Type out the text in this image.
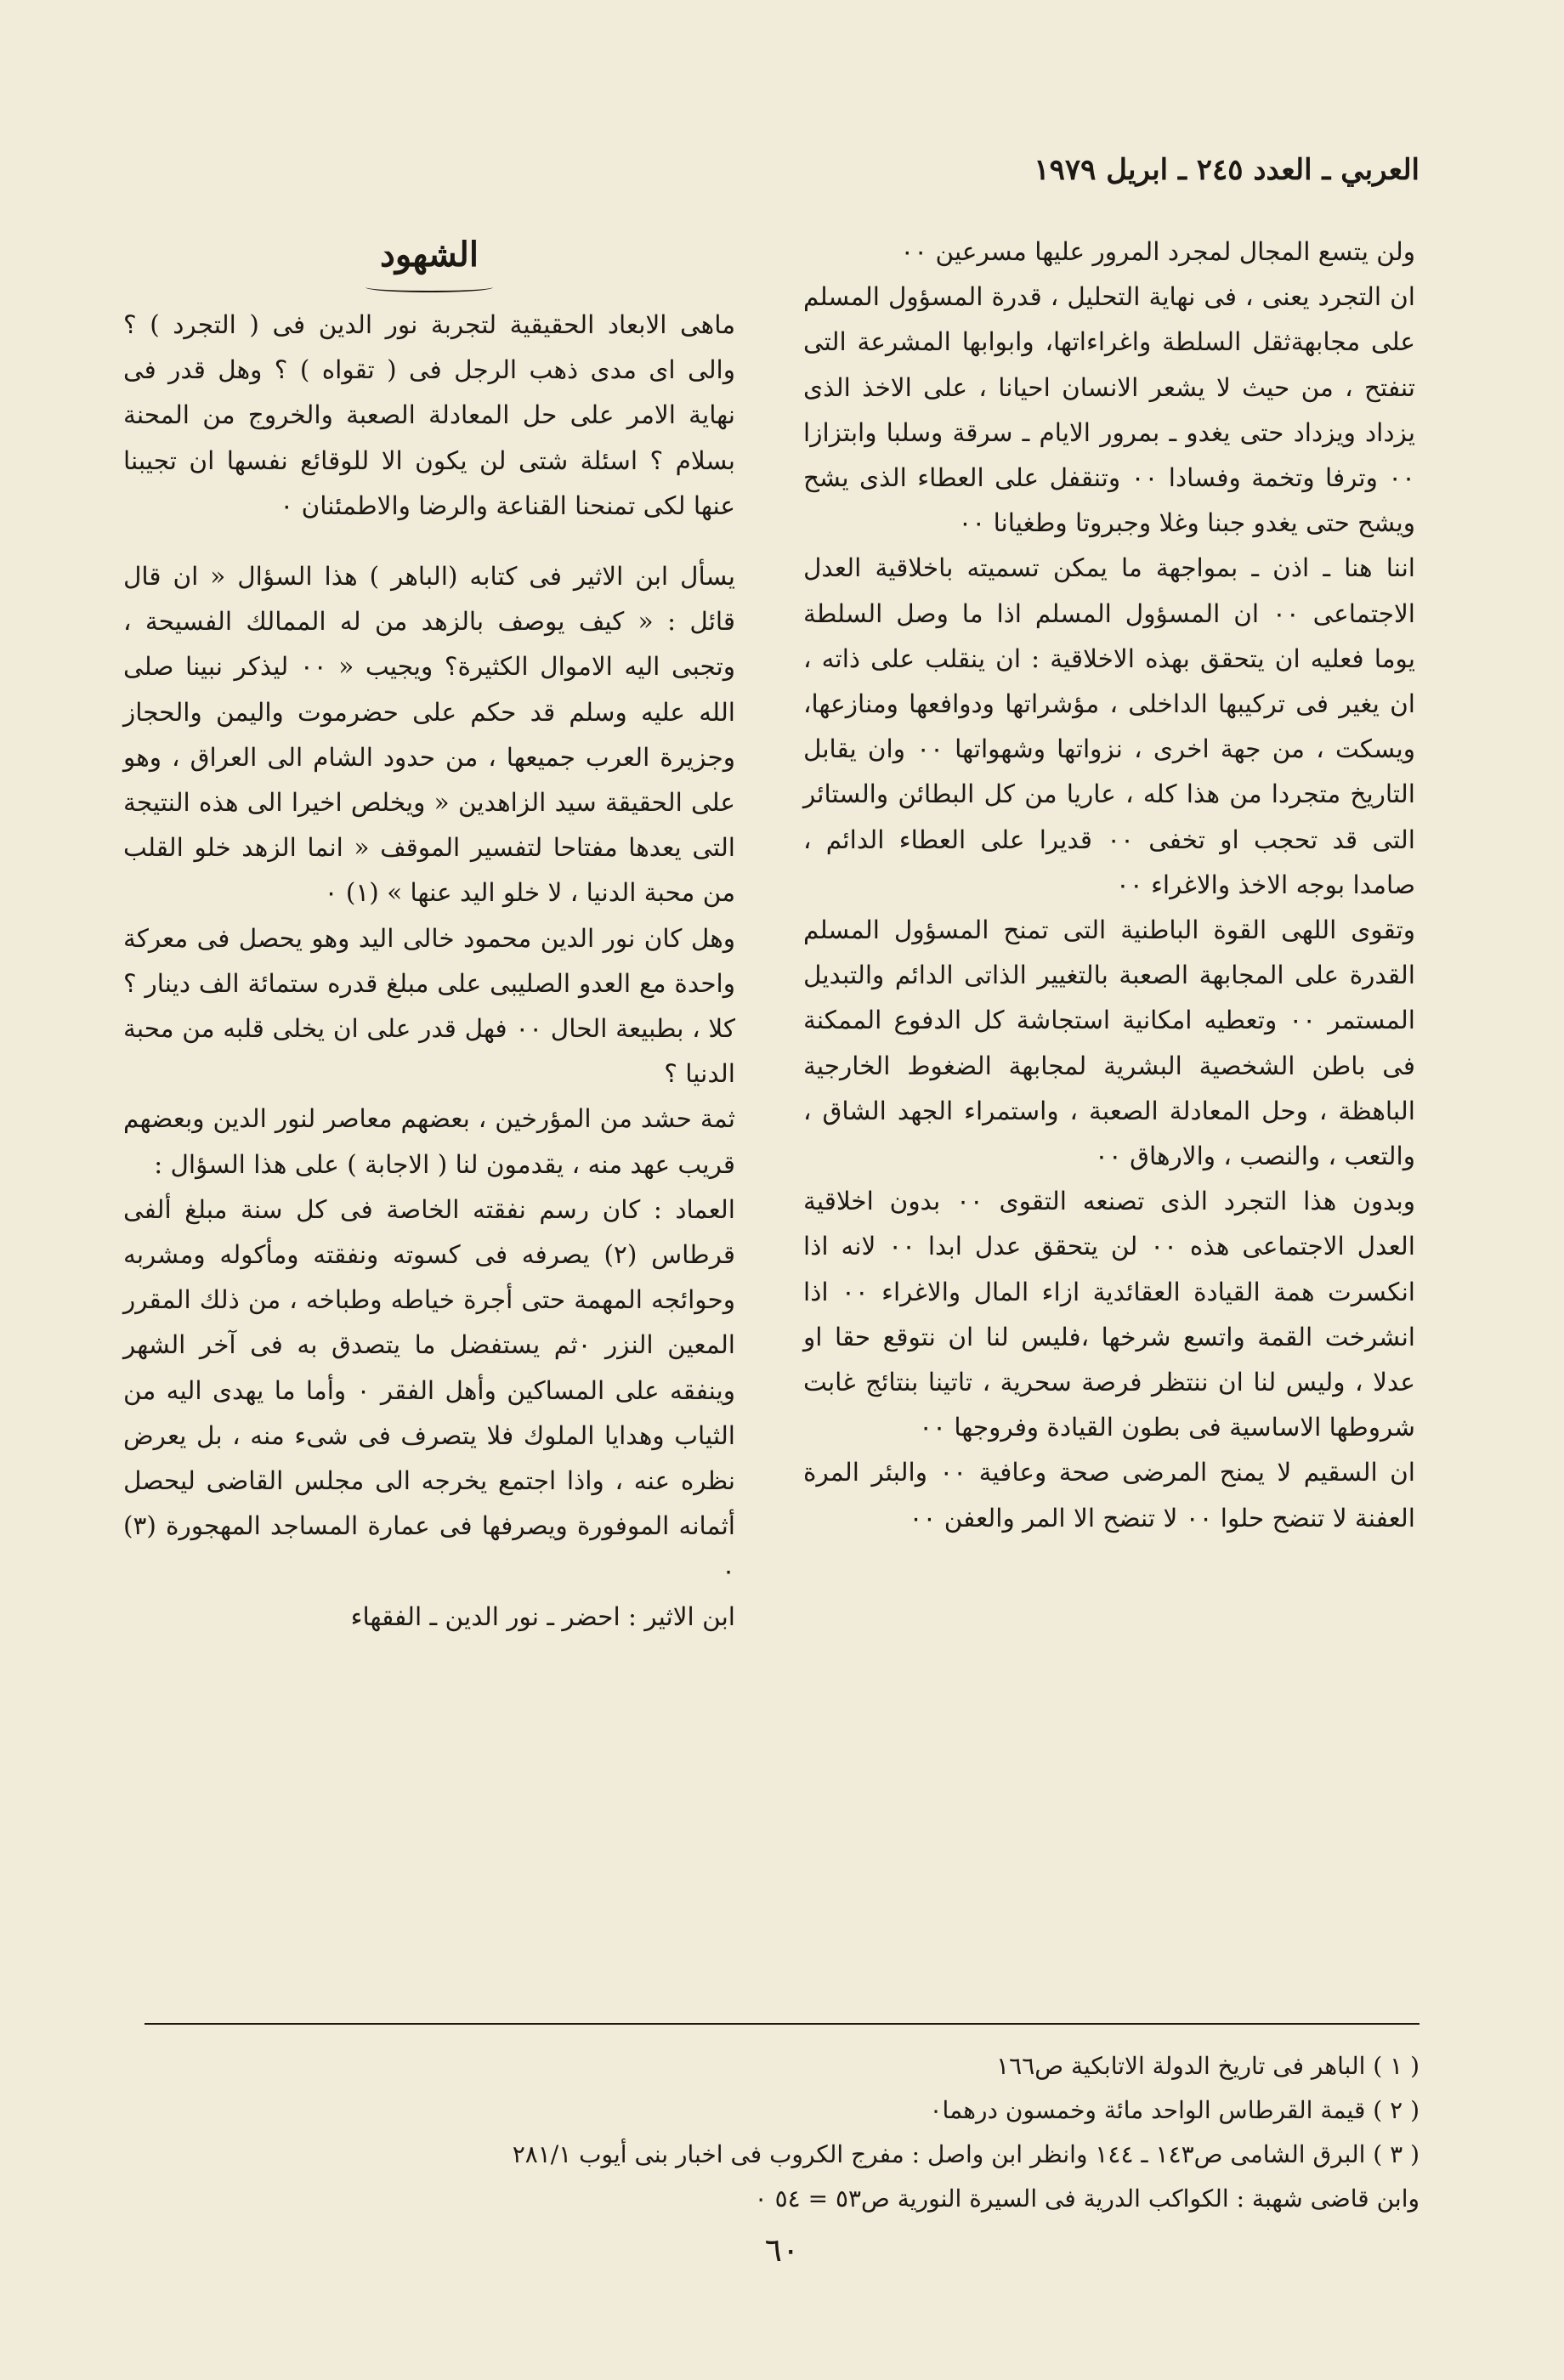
العربي ـ العدد ٢٤٥ ـ ابريل ١٩٧٩

ولن يتسع المجال لمجرد المرور عليها مسرعين ٠٠

ان التجرد يعنى ، فى نهاية التحليل ، قدرة المسؤول المسلم على مجابهةثقل السلطة واغراءاتها، وابوابها المشرعة التى تنفتح ، من حيث لا يشعر الانسان احيانا ، على الاخذ الذى يزداد ويزداد حتى يغدو ـ بمرور الايام ـ سرقة وسلبا وابتزازا ٠٠ وترفا وتخمة وفسادا ٠٠ وتنقفل على العطاء الذى يشح ويشح حتى يغدو جبنا وغلا وجبروتا وطغيانا ٠٠

اننا هنا ـ اذن ـ بمواجهة ما يمكن تسميته باخلاقية العدل الاجتماعى ٠٠ ان المسؤول المسلم اذا ما وصل السلطة يوما فعليه ان يتحقق بهذه الاخلاقية : ان ينقلب على ذاته ، ان يغير فى تركيبها الداخلى ، مؤشراتها ودوافعها ومنازعها، ويسكت ، من جهة اخرى ، نزواتها وشهواتها ٠٠ وان يقابل التاريخ متجردا من هذا كله ، عاريا من كل البطائن والستائر التى قد تحجب او تخفى ٠٠ قديرا على العطاء الدائم ، صامدا بوجه الاخذ والاغراء ٠٠

وتقوى اللهى القوة الباطنية التى تمنح المسؤول المسلم القدرة على المجابهة الصعبة بالتغيير الذاتى الدائم والتبديل المستمر ٠٠ وتعطيه امكانية استجاشة كل الدفوع الممكنة فى باطن الشخصية البشرية لمجابهة الضغوط الخارجية الباهظة ، وحل المعادلة الصعبة ، واستمراء الجهد الشاق ، والتعب ، والنصب ، والارهاق ٠٠

وبدون هذا التجرد الذى تصنعه التقوى ٠٠ بدون اخلاقية العدل الاجتماعى هذه ٠٠ لن يتحقق عدل ابدا ٠٠ لانه اذا انكسرت همة القيادة العقائدية ازاء المال والاغراء ٠٠ اذا انشرخت القمة واتسع شرخها ،فليس لنا ان نتوقع حقا او عدلا ، وليس لنا ان ننتظر فرصة سحرية ، تاتينا بنتائج غابت شروطها الاساسية فى بطون القيادة وفروجها ٠٠

ان السقيم لا يمنح المرضى صحة وعافية ٠٠ والبئر المرة العفنة لا تنضح حلوا ٠٠ لا تنضح الا المر والعفن ٠٠

الشهود

ماهى الابعاد الحقيقية لتجربة نور الدين فى ( التجرد ) ؟ والى اى مدى ذهب الرجل فى ( تقواه ) ؟ وهل قدر فى نهاية الامر على حل المعادلة الصعبة والخروج من المحنة بسلام ؟ اسئلة شتى لن يكون الا للوقائع نفسها ان تجيبنا عنها لكى تمنحنا القناعة والرضا والاطمئنان ٠

يسأل ابن الاثير فى كتابه (الباهر ) هذا السؤال « ان قال قائل : « كيف يوصف بالزهد من له الممالك الفسيحة ، وتجبى اليه الاموال الكثيرة؟ ويجيب « ٠٠ ليذكر نبينا صلى الله عليه وسلم قد حكم على حضرموت واليمن والحجاز وجزيرة العرب جميعها ، من حدود الشام الى العراق ، وهو على الحقيقة سيد الزاهدين « ويخلص اخيرا الى هذه النتيجة التى يعدها مفتاحا لتفسير الموقف « انما الزهد خلو القلب من محبة الدنيا ، لا خلو اليد عنها » (١) ٠

وهل كان نور الدين محمود خالى اليد وهو يحصل فى معركة واحدة مع العدو الصليبى على مبلغ قدره ستمائة الف دينار ؟ كلا ، بطبيعة الحال ٠٠ فهل قدر على ان يخلى قلبه من محبة الدنيا ؟

ثمة حشد من المؤرخين ، بعضهم معاصر لنور الدين وبعضهم قريب عهد منه ، يقدمون لنا ( الاجابة ) على هذا السؤال :

العماد : كان رسم نفقته الخاصة فى كل سنة مبلغ ألفى قرطاس (٢) يصرفه فى كسوته ونفقته ومأكوله ومشربه وحوائجه المهمة حتى أجرة خياطه وطباخه ، من ذلك المقرر المعين النزر ٠ثم يستفضل ما يتصدق به فى آخر الشهر وينفقه على المساكين وأهل الفقر ٠ وأما ما يهدى اليه من الثياب وهدايا الملوك فلا يتصرف فى شىء منه ، بل يعرض نظره عنه ، واذا اجتمع يخرجه الى مجلس القاضى ليحصل أثمانه الموفورة ويصرفها فى عمارة المساجد المهجورة (٣) ٠

ابن الاثير : احضر ـ نور الدين ـ الفقهاء

( ١ ) الباهر فى تاريخ الدولة الاتابكية ص١٦٦
( ٢ ) قيمة القرطاس الواحد مائة وخمسون درهما٠
( ٣ ) البرق الشامى ص١٤٣ ـ ١٤٤ وانظر ابن واصل : مفرج الكروب فى اخبار بنى أيوب ٢٨١/١
وابن قاضى شهبة : الكواكب الدرية فى السيرة النورية ص٥٣ = ٥٤ ٠
٦٠
